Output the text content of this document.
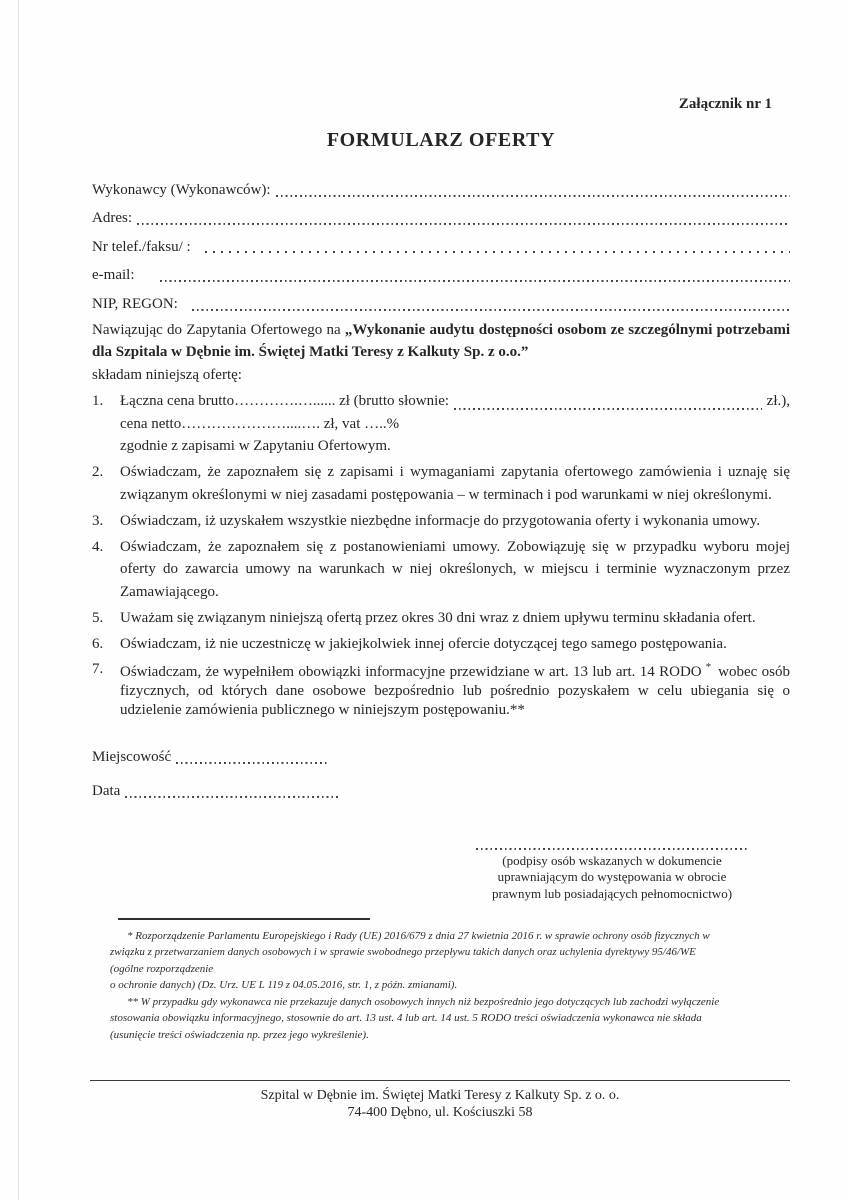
Załącznik nr 1
FORMULARZ OFERTY
Wykonawcy (Wykonawców):
Adres:
Nr telef./faksu/ :
e-mail:
NIP, REGON:

Nawiązując do Zapytania Ofertowego na „Wykonanie audytu dostępności osobom ze szczególnymi potrzebami dla Szpitala w Dębnie im. Świętej Matki Teresy z Kalkuty Sp. z o.o.”

składam niniejszą ofertę:

1.	Łączna cena brutto………….…...... zł (brutto słownie:	zł.),
cena netto…………………....…. zł, vat …..%
zgodnie z zapisami w Zapytaniu Ofertowym.
2.	Oświadczam, że zapoznałem się z zapisami i wymaganiami zapytania ofertowego zamówienia i uznaję się związanym określonymi w niej zasadami postępowania – w terminach i pod warunkami w niej określonymi.
3.	Oświadczam, iż uzyskałem wszystkie niezbędne informacje do przygotowania oferty i wykonania umowy.
4.	Oświadczam, że zapoznałem się z postanowieniami umowy. Zobowiązuję się w przypadku wyboru mojej oferty do zawarcia umowy na warunkach w niej określonych, w miejscu i terminie wyznaczonym przez Zamawiającego.
5.	Uważam się związanym niniejszą ofertą przez okres 30 dni wraz z dniem upływu terminu składania ofert.
6.	Oświadczam, iż nie uczestniczę w jakiejkolwiek innej ofercie dotyczącej tego samego postępowania.
7.	Oświadczam, że wypełniłem obowiązki informacyjne przewidziane w art. 13 lub art. 14 RODO * wobec osób fizycznych, od których dane osobowe bezpośrednio lub pośrednio pozyskałem w celu ubiegania się o udzielenie zamówienia publicznego w niniejszym postępowaniu.**
Miejscowość
Data
(podpisy osób wskazanych w dokumencie
uprawniającym do występowania w obrocie
prawnym lub posiadających pełnomocnictwo)
* Rozporządzenie Parlamentu Europejskiego i Rady (UE) 2016/679 z dnia 27 kwietnia 2016 r. w sprawie ochrony osób fizycznych w
związku z przetwarzaniem danych osobowych i w sprawie swobodnego przepływu takich danych oraz uchylenia dyrektywy 95/46/WE
(ogólne rozporządzenie
o ochronie danych) (Dz. Urz. UE L 119 z 04.05.2016, str. 1, z późn. zmianami).
** W przypadku gdy wykonawca nie przekazuje danych osobowych innych niż bezpośrednio jego dotyczących lub zachodzi wyłączenie
stosowania obowiązku informacyjnego, stosownie do art. 13 ust. 4 lub art. 14 ust. 5 RODO treści oświadczenia wykonawca nie składa
(usunięcie treści oświadczenia np. przez jego wykreślenie).
Szpital w Dębnie im. Świętej Matki Teresy z Kalkuty Sp. z o. o.
74-400 Dębno, ul. Kościuszki 58
